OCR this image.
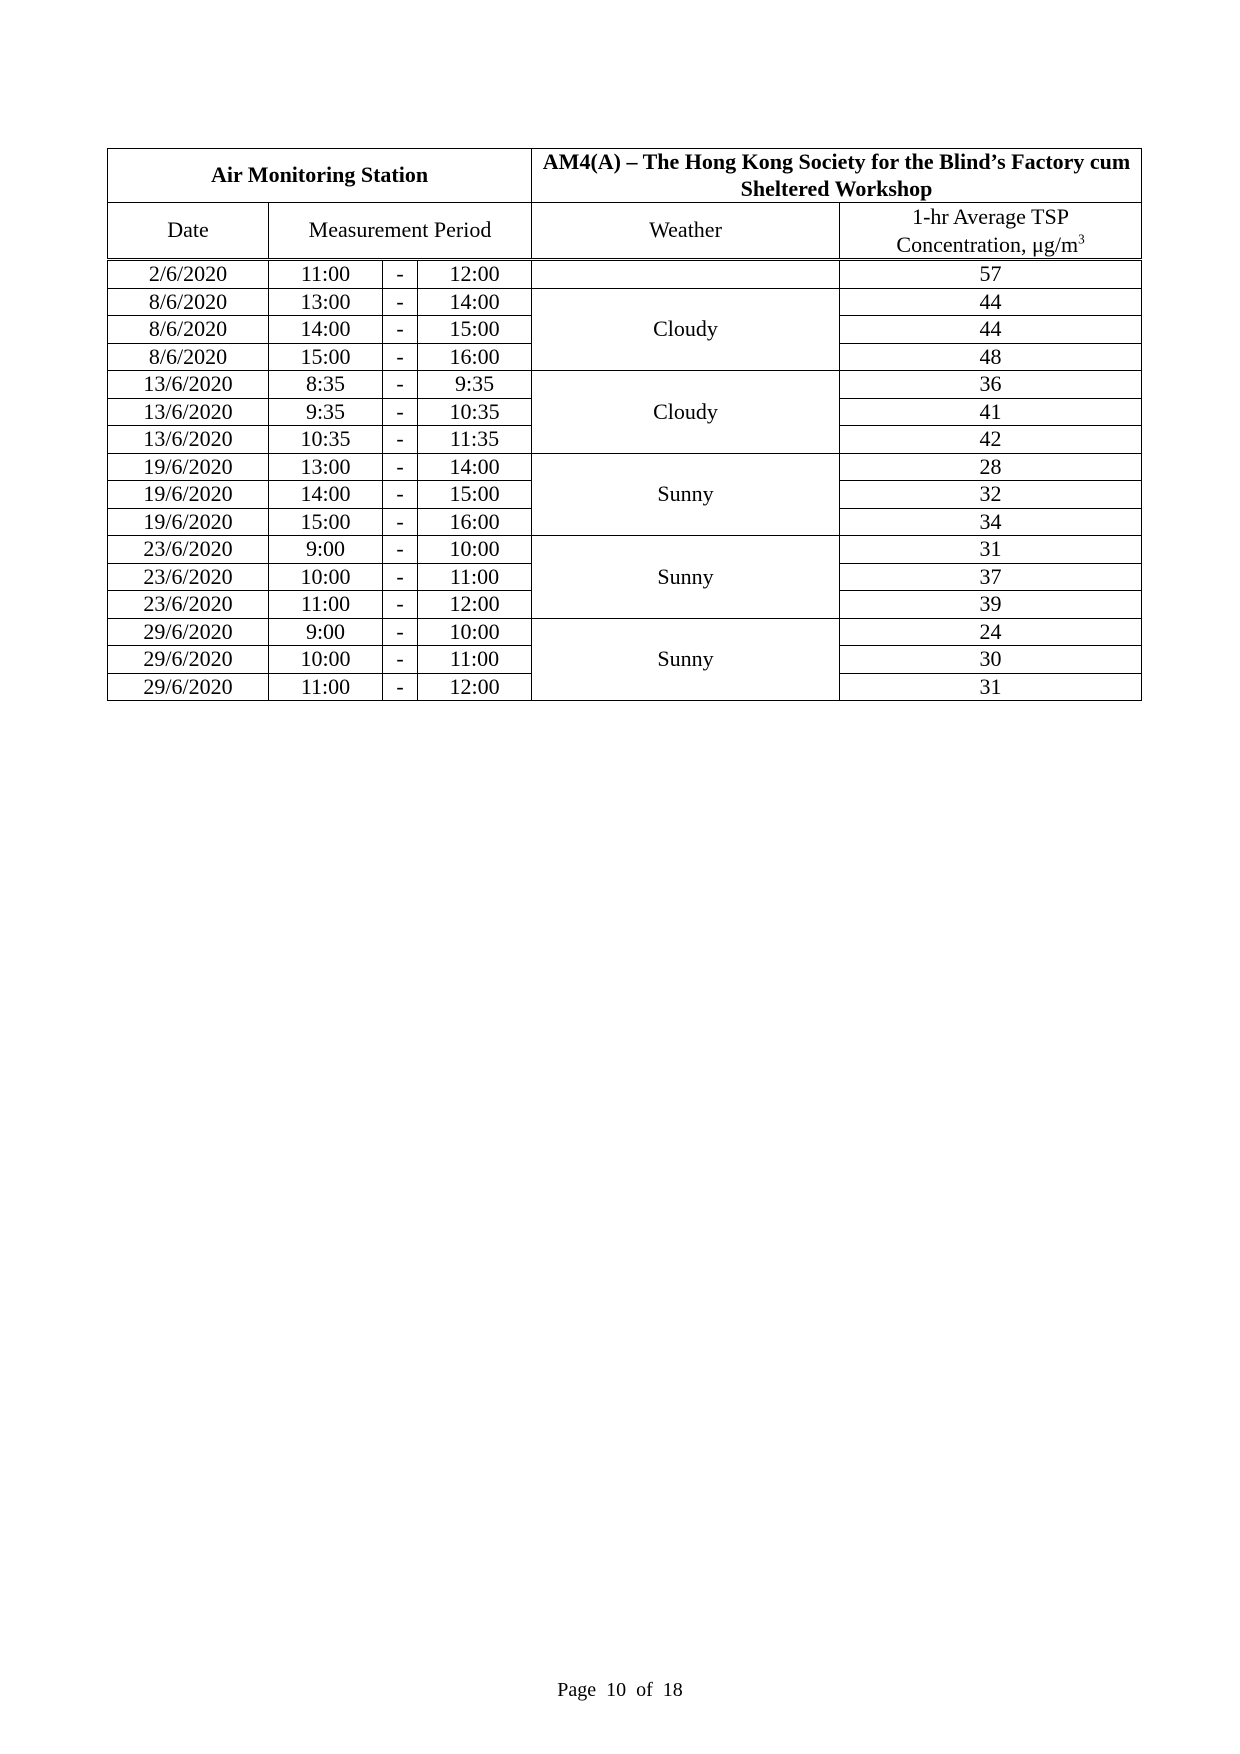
Air Monitoring Station				AM4(A) – The Hong Kong Society for the Blind’s Factory cum Sheltered Workshop	
Date	Measurement Period			Weather	1-hr Average TSP
Concentration, $\mu g/m^3$
2/6/2020	11:00	-	12:00		57
8/6/2020	13:00	-	14:00	Cloudy	44
8/6/2020	14:00	-	15:00		44
8/6/2020	15:00	-	16:00		48
13/6/2020	8:35	-	9:35	Cloudy	36
13/6/2020	9:35	-	10:35		41
13/6/2020	10:35	-	11:35		42
19/6/2020	13:00	-	14:00	Sunny	28
19/6/2020	14:00	-	15:00		32
19/6/2020	15:00	-	16:00		34
23/6/2020	9:00	-	10:00	Sunny	31
23/6/2020	10:00	-	11:00		37
23/6/2020	11:00	-	12:00		39
29/6/2020	9:00	-	10:00	Sunny	24
29/6/2020	10:00	-	11:00		30
29/6/2020	11:00	-	12:00		31
Page 10 of 18
